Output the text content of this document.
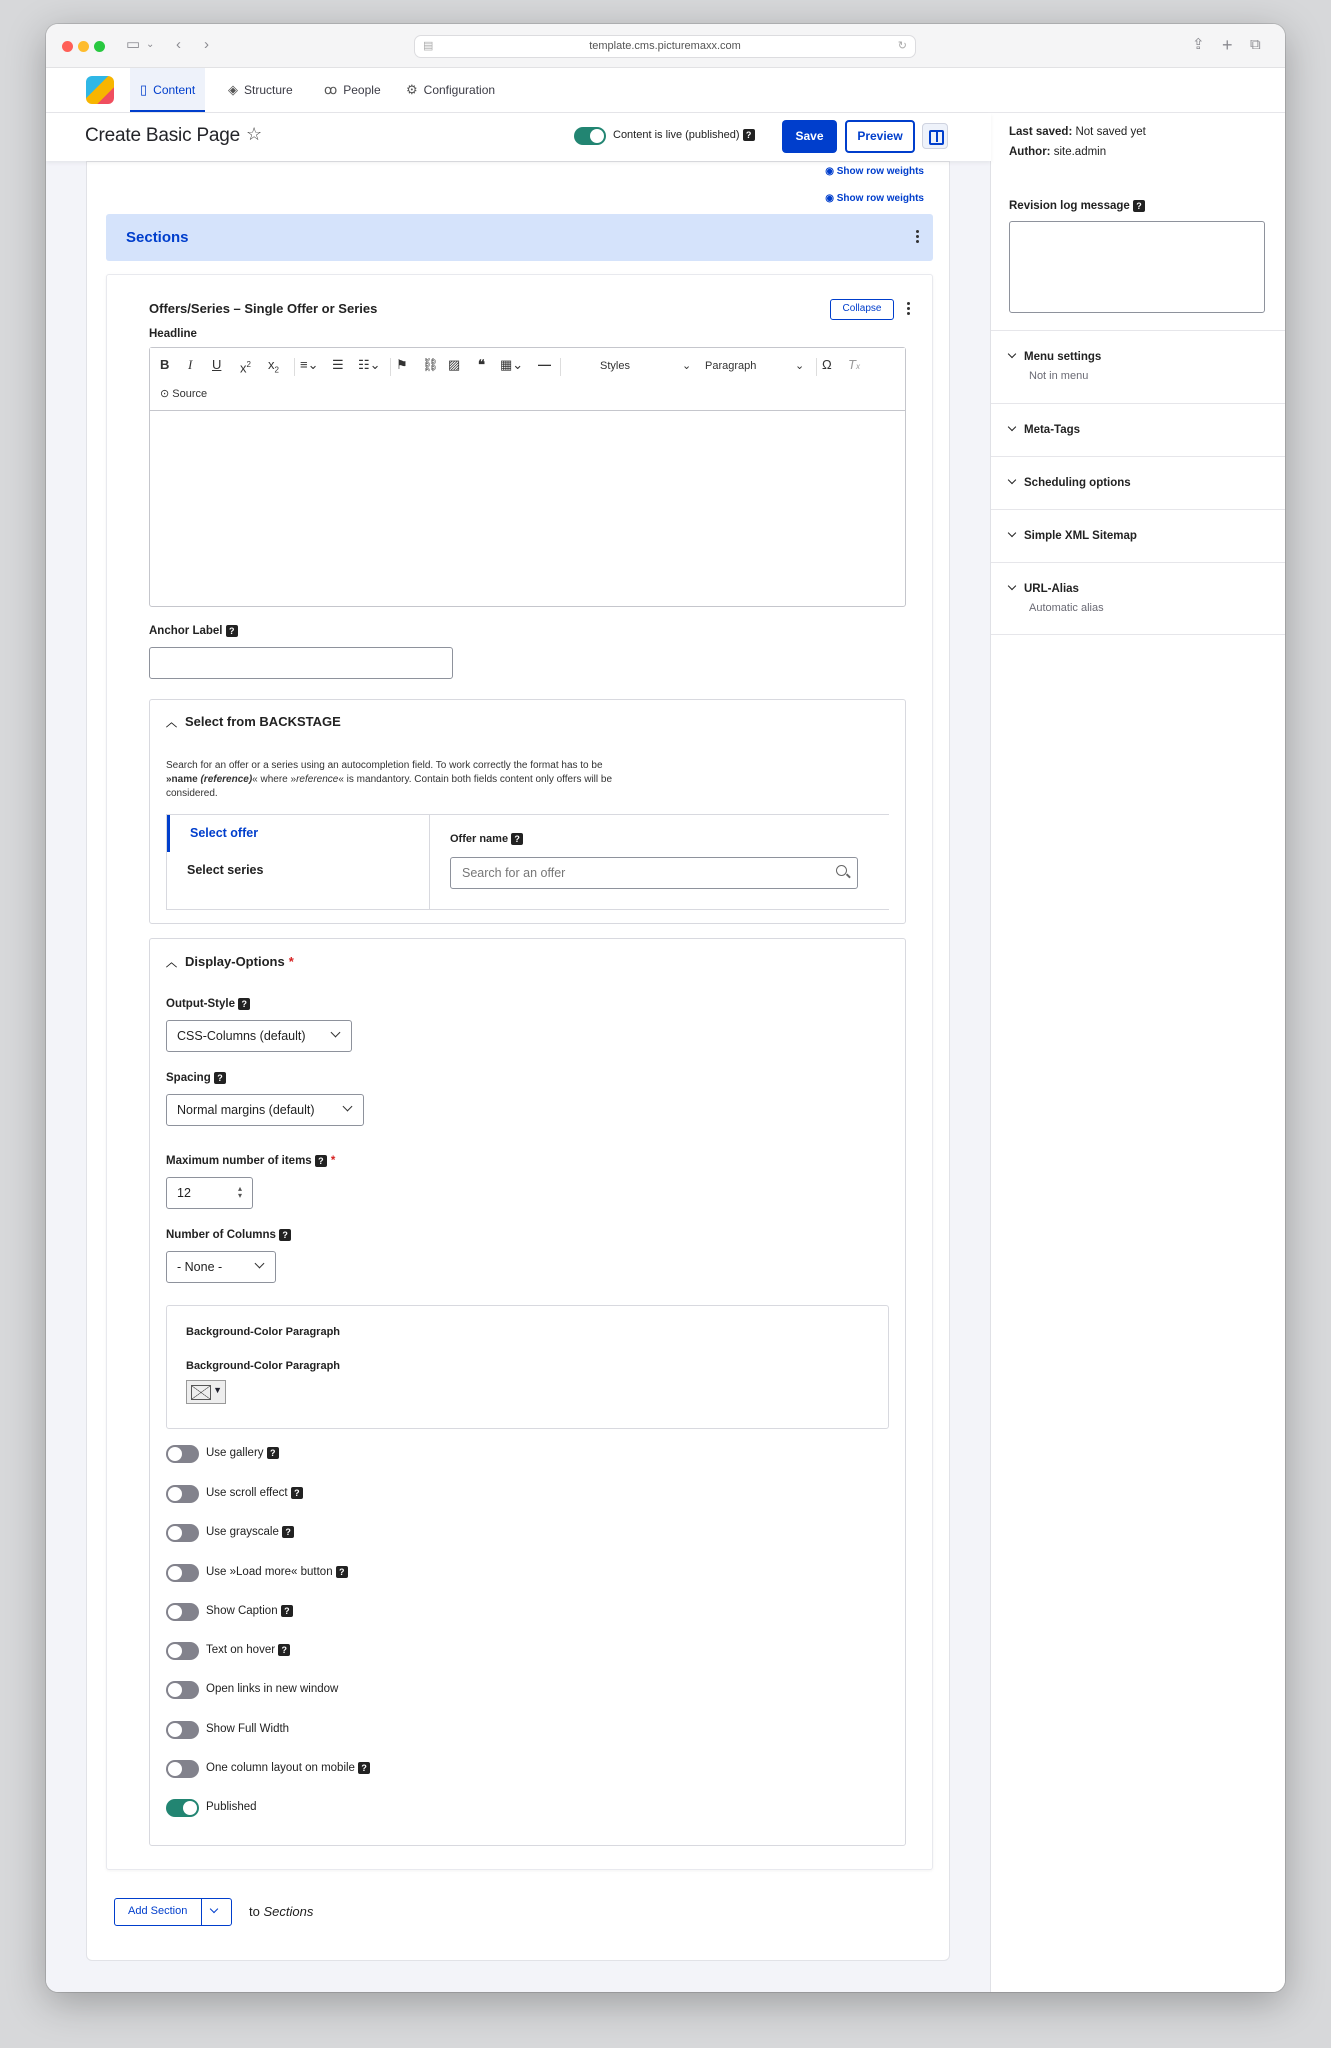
▭ ⌄ ‹ ›	▤	template.cms.picturemaxx.com	↻	⇪ + ⧉
▯ Content	◈ Structure	ꝏ People	⚙ Configuration
Create Basic Page ☆	Content is live (published) ?	Save	Preview
◉ Show row weights
◉ Show row weights
Sections
Offers/Series – Single Offer or Series	Collapse
Headline
B I U $x^2$ $x_2$ ≡⌄ ☰ ☷⌄ ⚑ ⛓ ▨ ❝ ▦⌄ —	Styles	⌄ Paragraph	⌄ Ω Tx
⊙ Source
Anchor Label ?
︿ Select from BACKSTAGE
Search for an offer or a series using an autocompletion field. To work correctly the format has to be
»name (reference)« where »reference« is mandantory. Contain both fields content only offers will be
considered.
Select offer
Select series
Offer name ?
Search for an offer
︿ Display-Options *
Output-Style ?
CSS-Columns (default)
Spacing ?
Normal margins (default)
Maximum number of items ? *
12	▴
▾
Number of Columns ?
- None -
Background-Color Paragraph
Background-Color Paragraph
▼
Use gallery ?
Use scroll effect ?
Use grayscale ?
Use »Load more« button ?
Show Caption ?
Text on hover ?
Open links in new window
Show Full Width
One column layout on mobile ?
Published
Add Section	to Sections
Last saved: Not saved yet
Author: site.admin
Revision log message ?
Menu settings
Not in menu
Meta-Tags
Scheduling options
Simple XML Sitemap
URL-Alias
Automatic alias
